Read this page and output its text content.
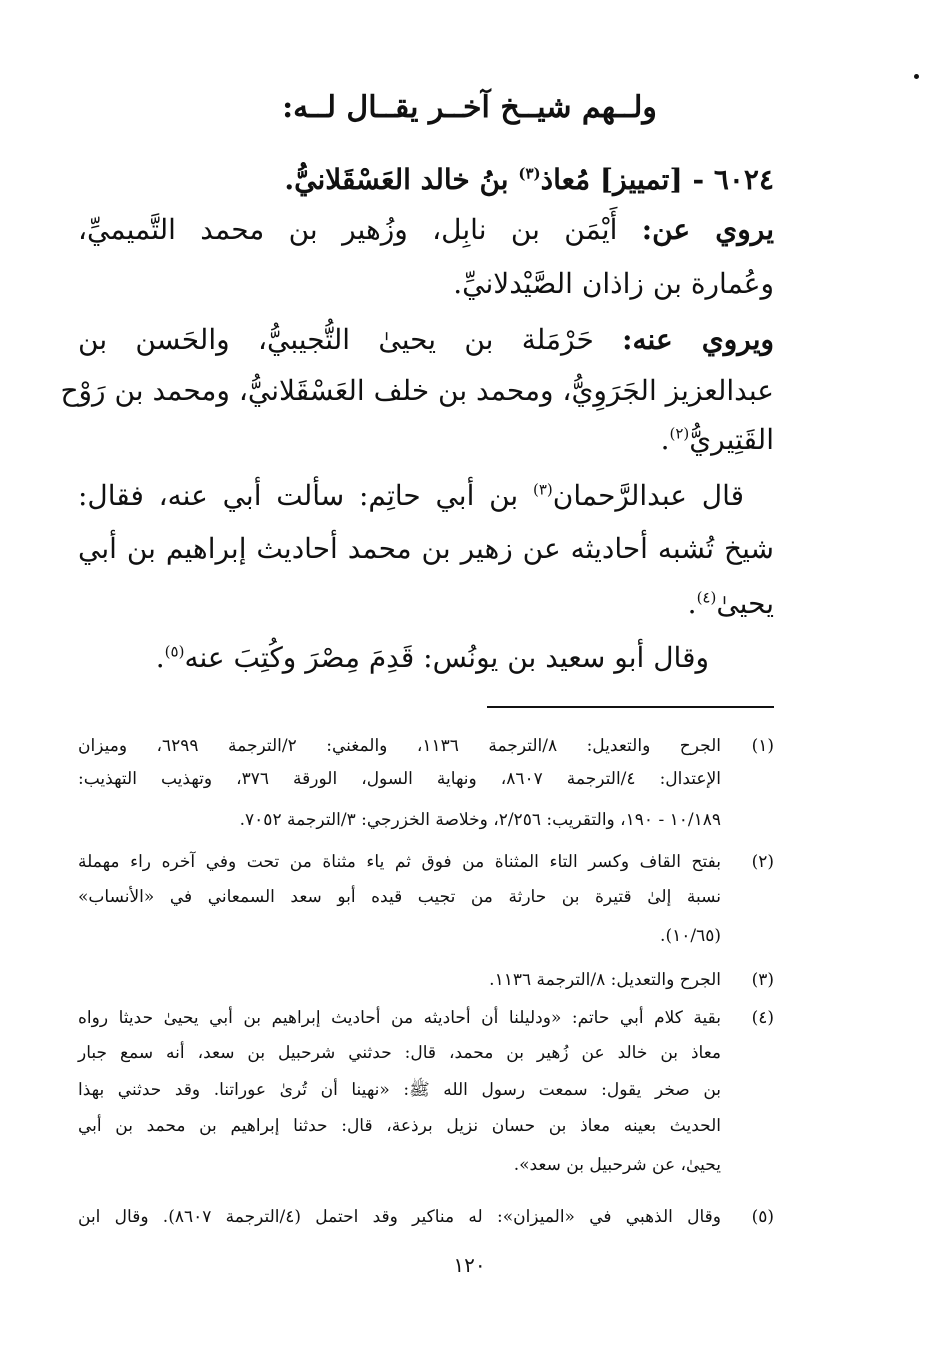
ولــهم شيــخ آخــر يقــال لــه:
٦٠٢٤ - [تمييز] مُعاذ$^{(٣)}$ بنُ خالد العَسْقَلانيُّ.
يروي عن: أَيْمَن بن نابِل، وزُهير بن محمد التَّميميِّ،
وعُمارة بن زاذان الصَّيْدلانيِّ.
ويروي عنه: حَرْمَلة بن يحيىٰ التُّجيبيُّ، والحَسن بن
عبدالعزيز الجَرَوِيُّ، ومحمد بن خلف العَسْقَلانيُّ، ومحمد بن رَوْح
القَتِيريُّ$^{(٢)}$.
قال عبدالرَّحمان$^{(٣)}$ بن أبي حاتِم: سألت أبي عنه، فقال:
شيخ تُشبه أحاديثه عن زهير بن محمد أحاديث إبراهيم بن أبي
يحيىٰ$^{(٤)}$.
وقال أبو سعيد بن يونُس: قَدِمَ مِصْرَ وكُتِبَ عنه$^{(٥)}$.
(١)
الجرح والتعديل: ٨/الترجمة ١١٣٦، والمغني: ٢/الترجمة ٦٢٩٩، وميزان
الإعتدال: ٤/الترجمة ٨٦٠٧، ونهاية السول، الورقة ٣٧٦، وتهذيب التهذيب:
١٠/١٨٩ - ١٩٠، والتقريب: ٢/٢٥٦، وخلاصة الخزرجي: ٣/الترجمة ٧٠٥٢.
(٢)
بفتح القاف وكسر التاء المثناة من فوق ثم ياء مثناة من تحت وفي آخره راء مهملة
نسبة إلىٰ قتيرة بن حارثة من تجيب قيده أبو سعد السمعاني في «الأنساب»
(١٠/٦٥).
(٣)
الجرح والتعديل: ٨/الترجمة ١١٣٦.
(٤)
بقية كلام أبي حاتم: «ودليلنا أن أحاديثه من أحاديث إبراهيم بن أبي يحيىٰ حديثا رواه
معاذ بن خالد عن زُهير بن محمد، قال: حدثني شرحبيل بن سعد، أنه سمع جبار
بن صخر يقول: سمعت رسول الله ﷺ: «نهينا أن تُرىٰ عوراتنا. وقد حدثني بهذا
الحديث بعينه معاذ بن حسان نزيل برذعة، قال: حدثنا إبراهيم بن محمد بن أبي
يحيىٰ، عن شرحبيل بن سعد».
(٥)
وقال الذهبي في «الميزان»: له مناكير وقد احتمل (٤/الترجمة ٨٦٠٧). وقال ابن
١٢٠
